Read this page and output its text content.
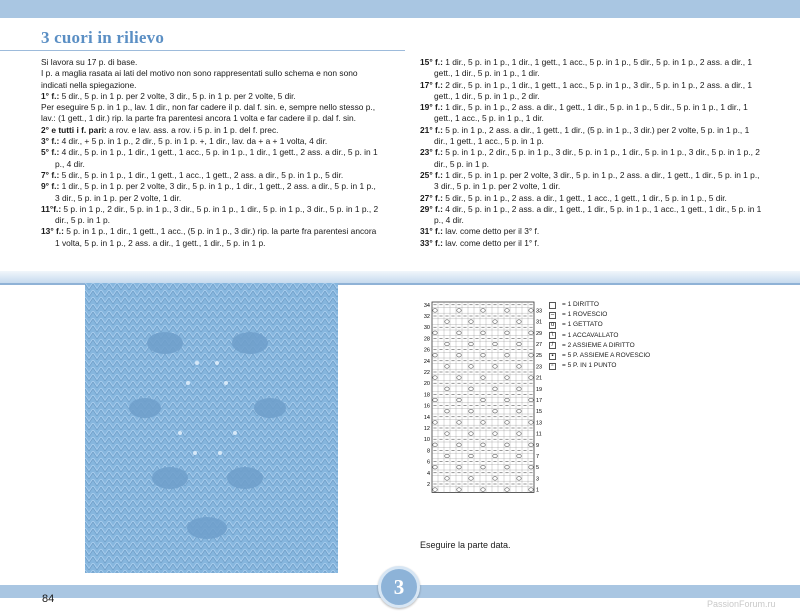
3 cuori in rilievo

Si lavora su 17 p. di base.

I p. a maglia rasata ai lati del motivo non sono rappresentati sullo schema e non sono indicati nella spiegazione.

1° f.: 5 dir., 5 p. in 1 p. per 2 volte, 3 dir., 5 p. in 1 p. per 2 volte, 5 dir.

Per eseguire 5 p. in 1 p., lav. 1 dir., non far cadere il p. dal f. sin. e, sempre nello stesso p., lav.: (1 gett., 1 dir.) rip. la parte fra parentesi ancora 1 volta e far cadere il p. dal f. sin.

2° e tutti i f. pari: a rov. e lav. ass. a rov. i 5 p. in 1 p. del f. prec.

3° f.: 4 dir., + 5 p. in 1 p., 2 dir., 5 p. in 1 p. +, 1 dir., lav. da + a + 1 volta, 4 dir.

5° f.: 4 dir., 5 p. in 1 p., 1 dir., 1 gett., 1 acc., 5 p. in 1 p., 1 dir., 1 gett., 2 ass. a dir., 5 p. in 1 p., 4 dir.

7° f.: 5 dir., 5 p. in 1 p., 1 dir., 1 gett., 1 acc., 1 gett., 2 ass. a dir., 5 p. in 1 p., 5 dir.

9° f.: 1 dir., 5 p. in 1 p. per 2 volte, 3 dir., 5 p. in 1 p., 1 dir., 1 gett., 2 ass. a dir., 5 p. in 1 p., 3 dir., 5 p. in 1 p. per 2 volte, 1 dir.

11°f.: 5 p. in 1 p., 2 dir., 5 p. in 1 p., 3 dir., 5 p. in 1 p., 1 dir., 5 p. in 1 p., 3 dir., 5 p. in 1 p., 2 dir., 5 p. in 1 p.

13° f.: 5 p. in 1 p., 1 dir., 1 gett., 1 acc., (5 p. in 1 p., 3 dir.) rip. la parte fra parentesi ancora 1 volta, 5 p. in 1 p., 2 ass. a dir., 1 gett., 1 dir., 5 p. in 1 p.

15° f.: 1 dir., 5 p. in 1 p., 1 dir., 1 gett., 1 acc., 5 p. in 1 p., 5 dir., 5 p. in 1 p., 2 ass. a dir., 1 gett., 1 dir., 5 p. in 1 p., 1 dir.

17° f.: 2 dir., 5 p. in 1 p., 1 dir., 1 gett., 1 acc., 5 p. in 1 p., 3 dir., 5 p. in 1 p., 2 ass. a dir., 1 gett., 1 dir., 5 p. in 1 p., 2 dir.

19° f.: 1 dir., 5 p. in 1 p., 2 ass. a dir., 1 gett., 1 dir., 5 p. in 1 p., 5 dir., 5 p. in 1 p., 1 dir., 1 gett., 1 acc., 5 p. in 1 p., 1 dir.

21° f.: 5 p. in 1 p., 2 ass. a dir., 1 gett., 1 dir., (5 p. in 1 p., 3 dir.) per 2 volte, 5 p. in 1 p., 1 dir., 1 gett., 1 acc., 5 p. in 1 p.

23° f.: 5 p. in 1 p., 2 dir., 5 p. in 1 p., 3 dir., 5 p. in 1 p., 1 dir., 5 p. in 1 p., 3 dir., 5 p. in 1 p., 2 dir., 5 p. in 1 p.

25° f.: 1 dir., 5 p. in 1 p. per 2 volte, 3 dir., 5 p. in 1 p., 2 ass. a dir., 1 gett., 1 dir., 5 p. in 1 p., 3 dir., 5 p. in 1 p. per 2 volte, 1 dir.

27° f.: 5 dir., 5 p. in 1 p., 2 ass. a dir., 1 gett., 1 acc., 1 gett., 1 dir., 5 p. in 1 p., 5 dir.

29° f.: 4 dir., 5 p. in 1 p., 2 ass. a dir., 1 gett., 1 dir., 5 p. in 1 p., 1 acc., 1 gett., 1 dir., 5 p. in 1 p., 4 dir.

31° f.: lav. come detto per il 3° f.

33° f.: lav. come detto per il 1° f.

34
32
30
28
26
24
22
20
18
16
14
12
10
8
6
4
2
33
31
29
27
25
23
21
19
17
15
13
11
9
7
5
3
1
= 1 DIRITTO
– = 1 ROVESCIO
o = 1 GETTATO
\	= 1 ACCAVALLATO
/	= 2 ASSIEME A DIRITTO
▪	= 5 P. ASSIEME A ROVESCIO
▫	= 5 P. IN 1 PUNTO
Eseguire la parte data.
3
84	PassionForum.ru
